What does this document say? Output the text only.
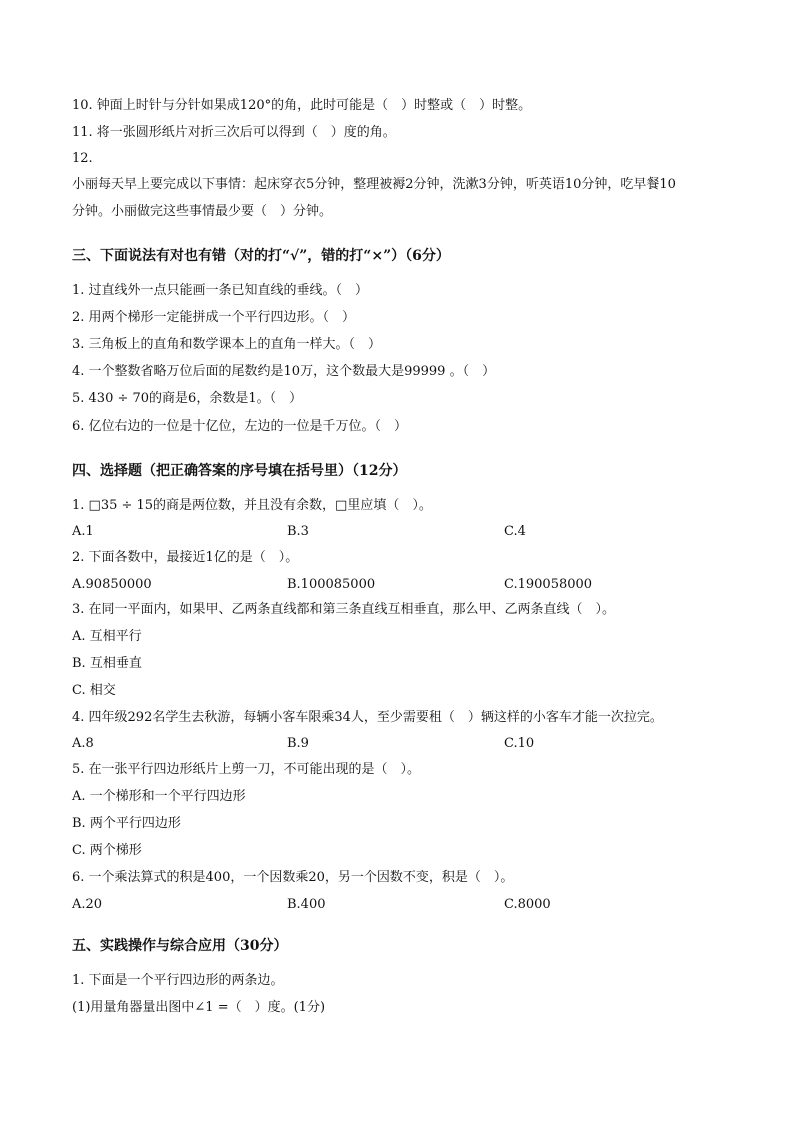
10. 钟面上时针与分针如果成120°的角，此时可能是（　）时整或（　）时整。
11. 将一张圆形纸片对折三次后可以得到（　）度的角。
12.
小丽每天早上要完成以下事情：起床穿衣5分钟，整理被褥2分钟，洗漱3分钟，听英语10分钟，吃早餐10
分钟。小丽做完这些事情最少要（　）分钟。
三、下面说法有对也有错（对的打“√”，错的打“×”）（6分）
1. 过直线外一点只能画一条已知直线的垂线。（　）
2. 用两个梯形一定能拼成一个平行四边形。（　）
3. 三角板上的直角和数学课本上的直角一样大。（　）
4. 一个整数省略万位后面的尾数约是10万，这个数最大是99999 。（　）
5. 430 ÷ 70的商是6，余数是1。（　）
6. 亿位右边的一位是十亿位，左边的一位是千万位。（　）
四、选择题（把正确答案的序号填在括号里）（12分）
1. □35 ÷ 15的商是两位数，并且没有余数，□里应填（　）。
A.1	B.3	C.4
2. 下面各数中，最接近1亿的是（　）。
A.90850000	B.100085000	C.190058000
3. 在同一平面内，如果甲、乙两条直线都和第三条直线互相垂直，那么甲、乙两条直线（　）。
A. 互相平行
B. 互相垂直
C. 相交
4. 四年级292名学生去秋游，每辆小客车限乘34人，至少需要租（　）辆这样的小客车才能一次拉完。
A.8	B.9	C.10
5. 在一张平行四边形纸片上剪一刀，不可能出现的是（　）。
A. 一个梯形和一个平行四边形
B. 两个平行四边形
C. 两个梯形
6. 一个乘法算式的积是400，一个因数乘20，另一个因数不变，积是（　）。
A.20	B.400	C.8000
五、实践操作与综合应用（30分）
1. 下面是一个平行四边形的两条边。
(1)用量角器量出图中∠1 =（　）度。(1分)
